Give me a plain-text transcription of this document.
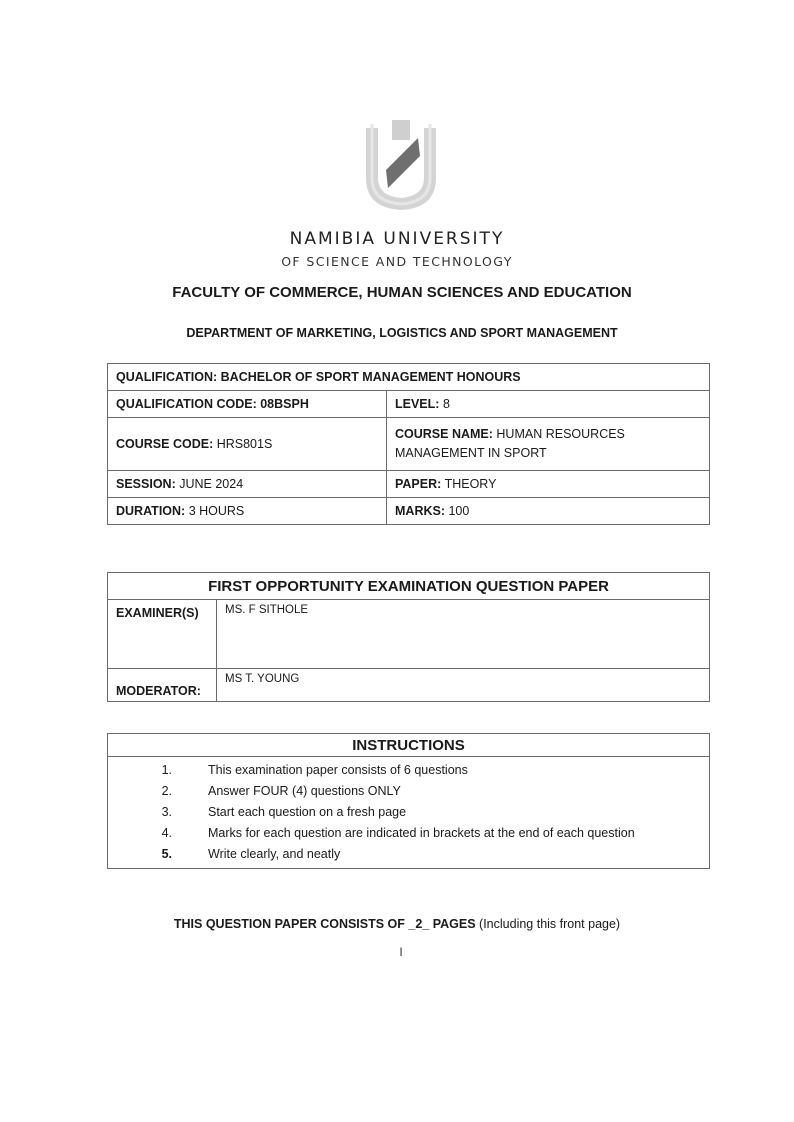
NAMIBIA UNIVERSITY
OF SCIENCE AND TECHNOLOGY
FACULTY OF COMMERCE, HUMAN SCIENCES AND EDUCATION
DEPARTMENT OF MARKETING, LOGISTICS AND SPORT MANAGEMENT
QUALIFICATION: BACHELOR OF SPORT MANAGEMENT HONOURS	
QUALIFICATION CODE: 08BSPH	LEVEL: 8
COURSE CODE: HRS801S	COURSE NAME: HUMAN RESOURCES MANAGEMENT IN SPORT
SESSION: JUNE 2024	PAPER: THEORY
DURATION: 3 HOURS	MARKS: 100
FIRST OPPORTUNITY EXAMINATION QUESTION PAPER	
EXAMINER(S)	MS. F SITHOLE
MODERATOR:	MS T. YOUNG
INSTRUCTIONS

1.	This examination paper consists of 6 questions
2.	Answer FOUR (4) questions ONLY
3.	Start each question on a fresh page
4.	Marks for each question are indicated in brackets at the end of each question
5.	Write clearly, and neatly
THIS QUESTION PAPER CONSISTS OF _2_ PAGES (Including this front page)
I
